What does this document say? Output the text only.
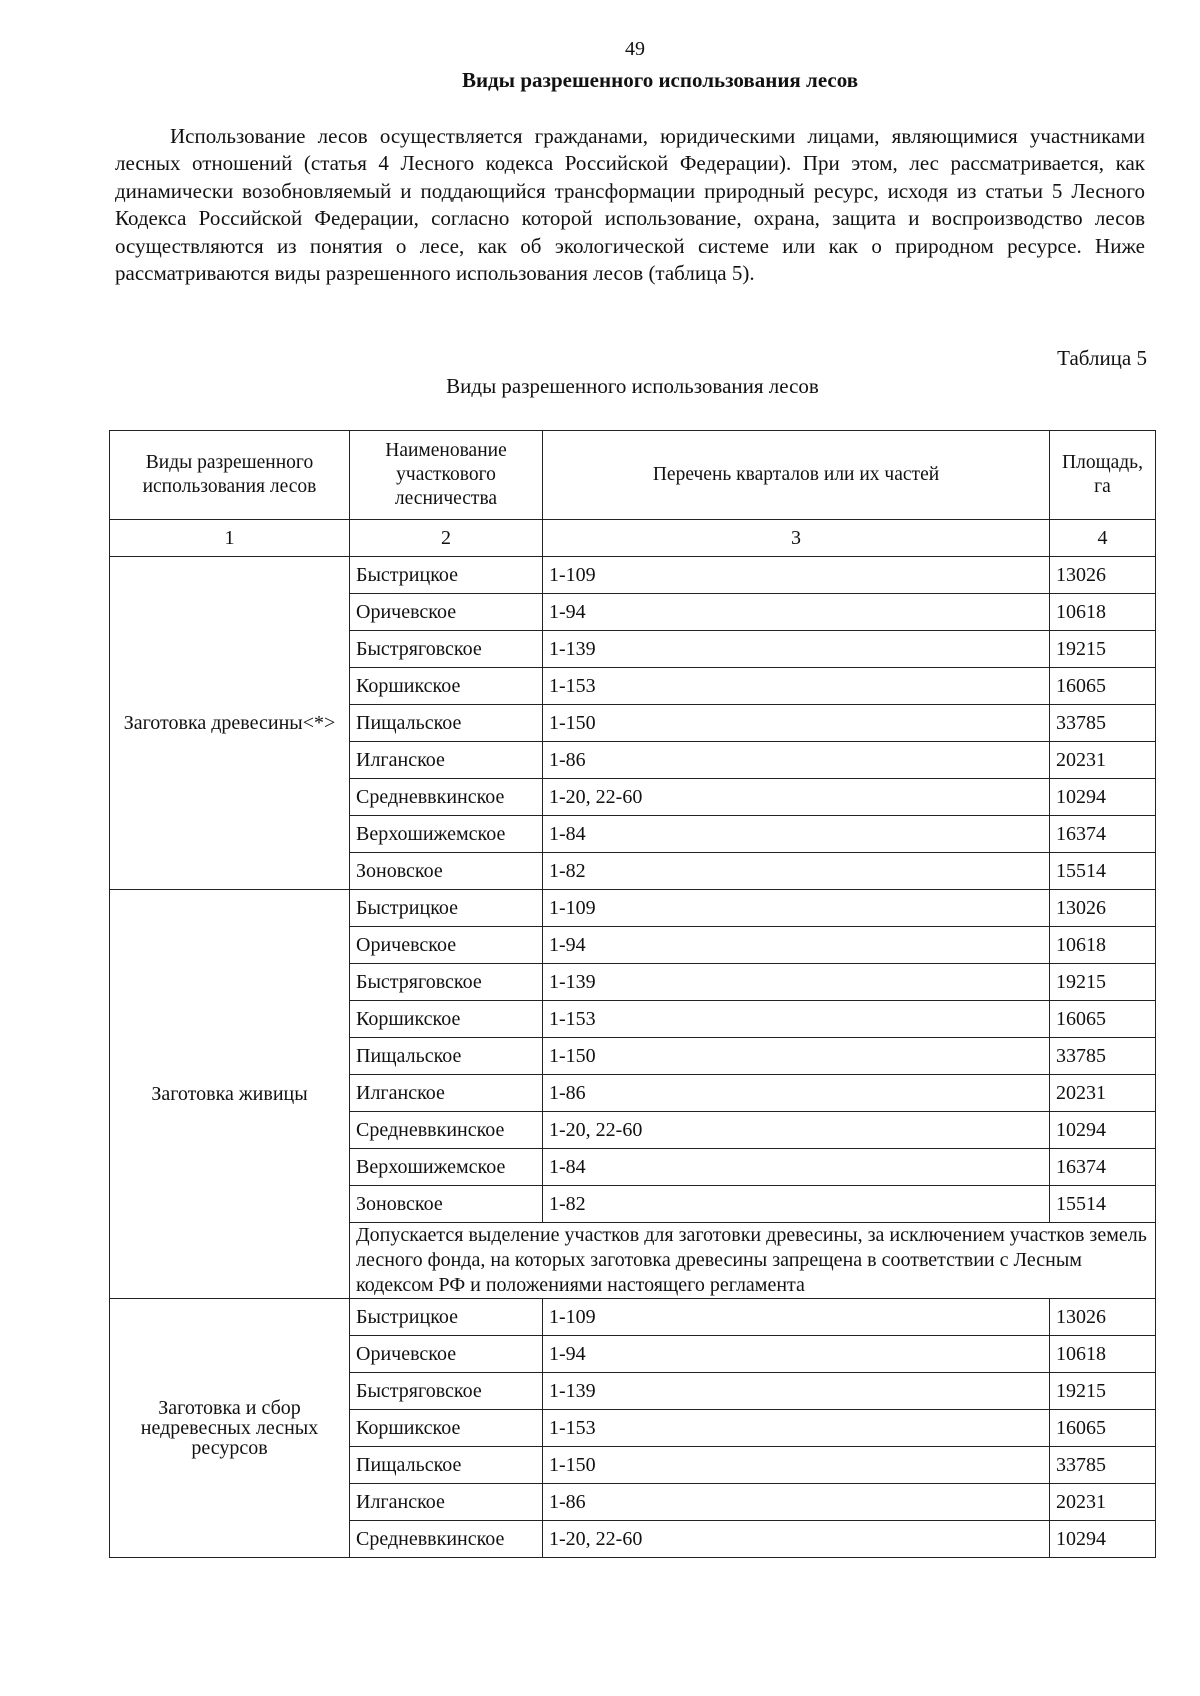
49
Виды разрешенного использования лесов

Использование лесов осуществляется гражданами, юридическими лицами, являющимися участниками лесных отношений (статья 4 Лесного кодекса Российской Федерации). При этом, лес рассматривается, как динамически возобновляемый и поддающийся трансформации природный ресурс, исходя из статьи 5 Лесного Кодекса Российской Федерации, согласно которой использование, охрана, защита и воспроизводство лесов осуществляются из понятия о лесе, как об экологической системе или как о природном ресурсе. Ниже рассматриваются виды разрешенного использования лесов (таблица 5).

Таблица 5
Виды разрешенного использования лесов
Виды разрешенного использования лесов	Наименование участкового лесничества	Перечень кварталов или их частей	Площадь, га
1	2	3	4
Заготовка древесины<*>	Быстрицкое	1-109	13026
	Оричевское	1-94	10618
	Быстряговское	1-139	19215
	Коршикское	1-153	16065
	Пищальское	1-150	33785
	Илганское	1-86	20231
	Средневвкинское	1-20, 22-60	10294
	Верхошижемское	1-84	16374
	Зоновское	1-82	15514
Заготовка живицы	Быстрицкое	1-109	13026
	Оричевское	1-94	10618
	Быстряговское	1-139	19215
	Коршикское	1-153	16065
	Пищальское	1-150	33785
	Илганское	1-86	20231
	Средневвкинское	1-20, 22-60	10294
	Верхошижемское	1-84	16374
	Зоновское	1-82	15514
	Допускается выделение участков для заготовки древесины, за исключением участков земель лесного фонда, на которых заготовка древесины запрещена в соответствии с Лесным кодексом РФ и положениями настоящего регламента		
Заготовка и сбор недревесных лесных ресурсов	Быстрицкое	1-109	13026
	Оричевское	1-94	10618
	Быстряговское	1-139	19215
	Коршикское	1-153	16065
	Пищальское	1-150	33785
	Илганское	1-86	20231
	Средневвкинское	1-20, 22-60	10294
